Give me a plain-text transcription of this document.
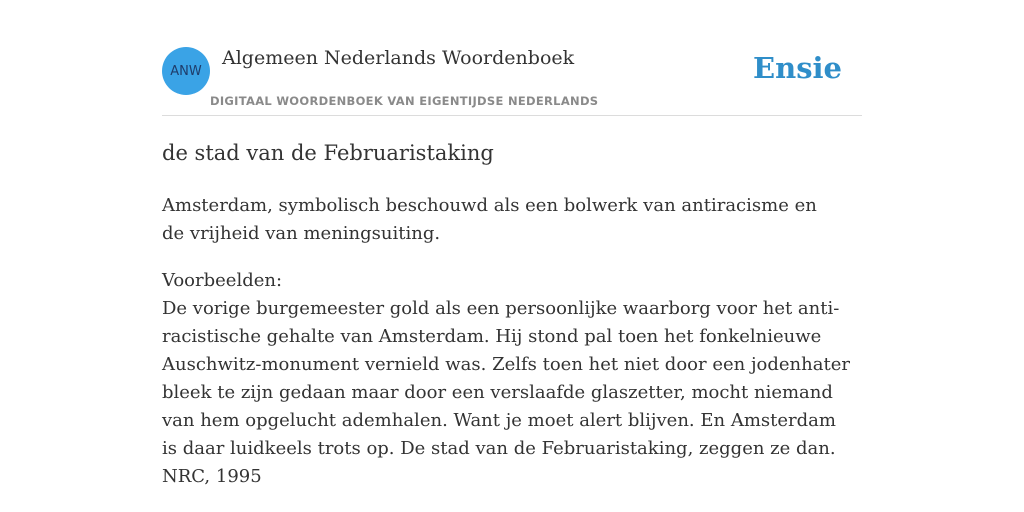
ANW
Algemeen Nederlands Woordenboek
DIGITAAL WOORDENBOEK VAN EIGENTIJDSE NEDERLANDS
Ensie
de stad van de Februaristaking

Amsterdam, symbolisch beschouwd als een bolwerk van antiracisme en de vrijheid van meningsuiting.

Voorbeelden:
De vorige burgemeester gold als een persoonlijke waarborg voor het anti-racistische gehalte van Amsterdam. Hij stond pal toen het fonkelnieuwe Auschwitz-monument vernield was. Zelfs toen het niet door een jodenhater bleek te zijn gedaan maar door een verslaafde glaszetter, mocht niemand van hem opgelucht ademhalen. Want je moet alert blijven. En Amsterdam is daar luidkeels trots op. De stad van de Februaristaking, zeggen ze dan.
NRC, 1995
